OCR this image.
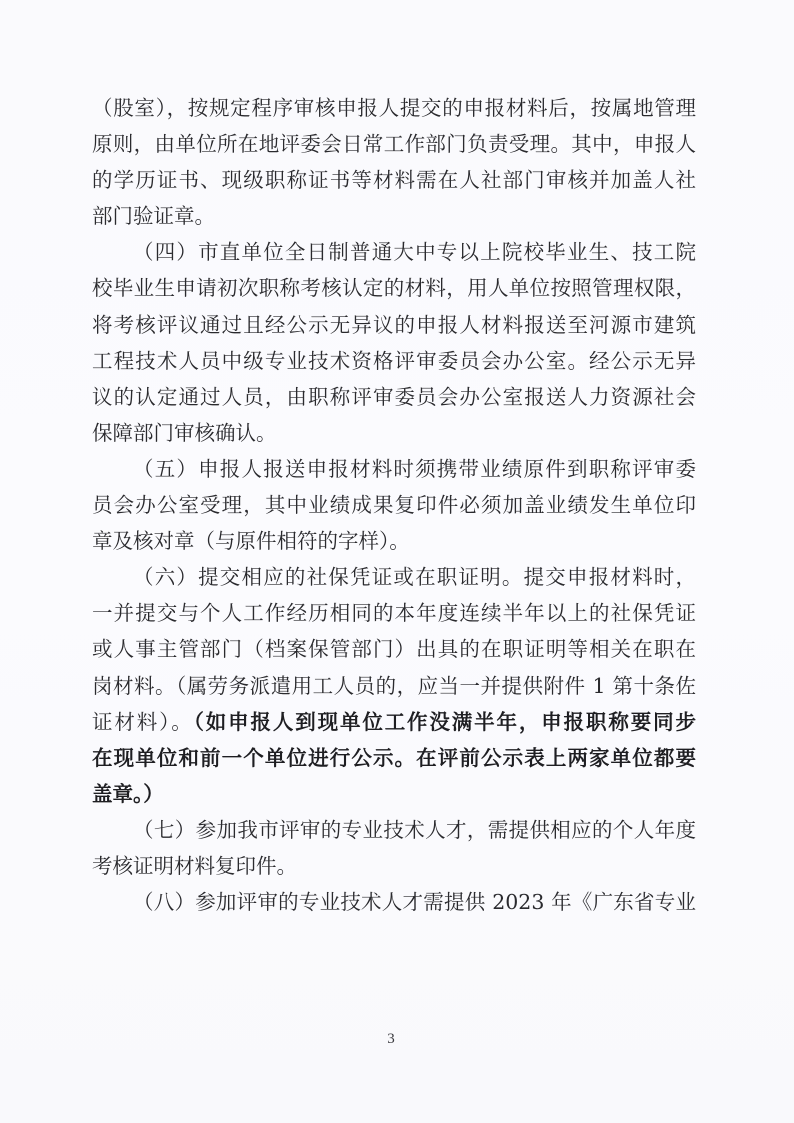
（股室），按规定程序审核申报人提交的申报材料后，按属地管理
原则，由单位所在地评委会日常工作部门负责受理。其中，申报人
的学历证书、现级职称证书等材料需在人社部门审核并加盖人社
部门验证章。
（四）市直单位全日制普通大中专以上院校毕业生、技工院
校毕业生申请初次职称考核认定的材料，用人单位按照管理权限，
将考核评议通过且经公示无异议的申报人材料报送至河源市建筑
工程技术人员中级专业技术资格评审委员会办公室。经公示无异
议的认定通过人员，由职称评审委员会办公室报送人力资源社会
保障部门审核确认。
（五）申报人报送申报材料时须携带业绩原件到职称评审委
员会办公室受理，其中业绩成果复印件必须加盖业绩发生单位印
章及核对章（与原件相符的字样）。
（六）提交相应的社保凭证或在职证明。提交申报材料时，
一并提交与个人工作经历相同的本年度连续半年以上的社保凭证
或人事主管部门（档案保管部门）出具的在职证明等相关在职在
岗材料。（属劳务派遣用工人员的，应当一并提供附件 1 第十条佐
证材料）。（如申报人到现单位工作没满半年，申报职称要同步
在现单位和前一个单位进行公示。在评前公示表上两家单位都要
盖章。）
（七）参加我市评审的专业技术人才，需提供相应的个人年度
考核证明材料复印件。
（八）参加评审的专业技术人才需提供 2023 年《广东省专业
3
